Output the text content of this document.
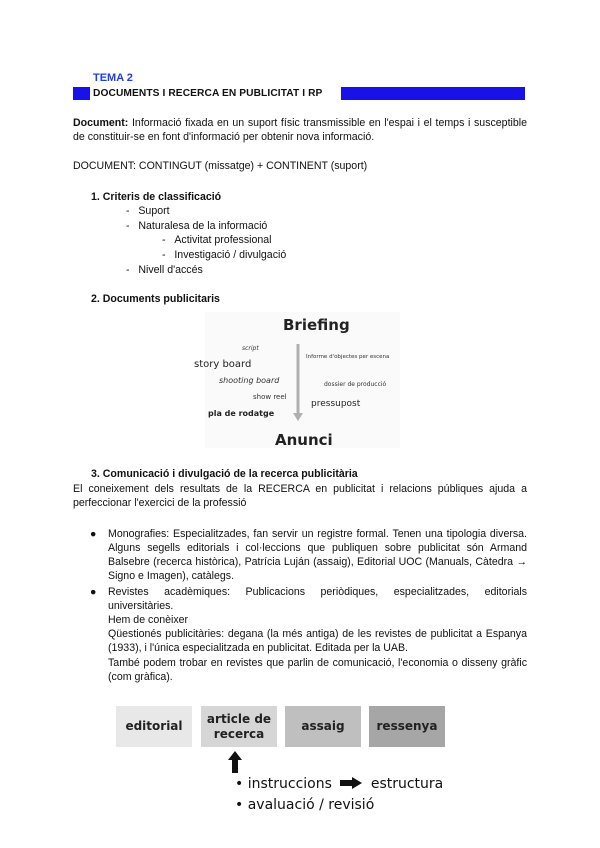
TEMA 2
DOCUMENTS I RECERCA EN PUBLICITAT I RP
Document: Informació fixada en un suport físic transmissible en l'espai i el temps i susceptible de constituir-se en font d'informació per obtenir nova informació.
DOCUMENT: CONTINGUT (missatge) + CONTINENT (suport)
1. Criteris de classificació
-   Suport
-   Naturalesa de la informació
-   Activitat professional
-   Investigació / divulgació
-   Nivell d'accés
2. Documents publicitaris
Briefing
script
story board
shooting board
show reel
pla de rodatge
Informe d'objectes per escena
dossier de producció
pressupost
Anunci
3. Comunicació i divulgació de la recerca publicitària
El coneixement dels resultats de la RECERCA en publicitat i relacions públiques ajuda a perfeccionar l'exercici de la professió
● Monografies: Especialitzades, fan servir un registre formal. Tenen una tipologia diversa. Alguns segells editorials i col·leccions que publiquen sobre publicitat són Armand Balsebre (recerca històrica), Patrícia Luján (assaig), Editorial UOC (Manuals, Càtedra → Signo e Imagen), catàlegs.
● Revistes acadèmiques: Publicacions periòdiques, especialitzades, editorials universitàries.
Hem de conèixer
Qüestionés publicitàries: degana (la més antiga) de les revistes de publicitat a Espanya (1933), i l'única especialitzada en publicitat. Editada per la UAB.
També podem trobar en revistes que parlin de comunicació, l'economia o disseny gràfic (com gràfica).
editorial
article de recerca
assaig	ressenya
• instruccions	estructura
• avaluació / revisió
